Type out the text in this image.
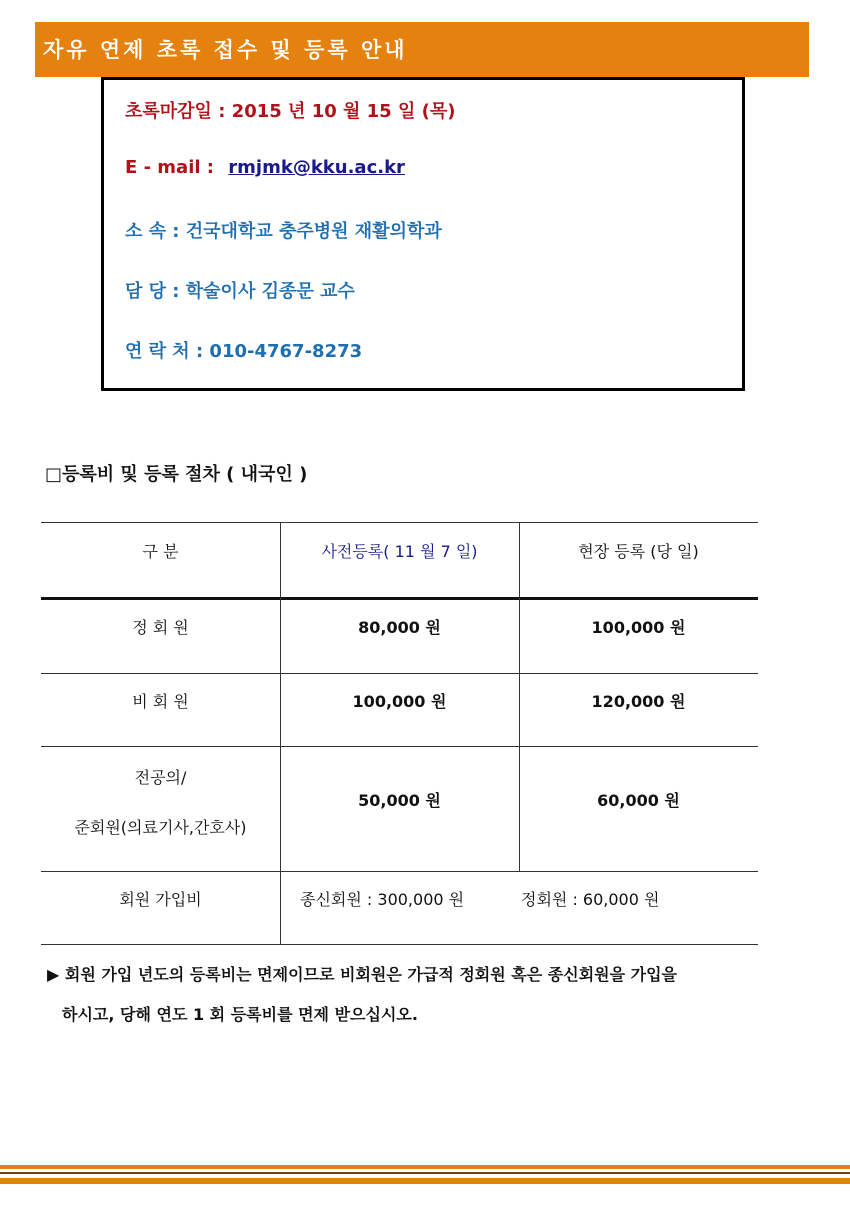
자유 연제 초록 접수 및 등록 안내
초록마감일 : 2015 년 10 월 15 일 (목)
E - mail : rmjmk@kku.ac.kr
소 속 : 건국대학교 충주병원 재활의학과
담 당 : 학술이사 김종문 교수
연 락 처 : 010-4767-8273
□등록비 및 등록 절차 ( 내국인 )
구 분	사전등록( 11 월 7 일)	현장 등록 (당 일)
정 회 원	80,000 원	100,000 원
비 회 원	100,000 원	120,000 원
전공의/
준회원(의료기사,간호사)
50,000 원	60,000 원
회원 가입비	종신회원 : 300,000 원	정회원 : 60,000 원
▶ 회원 가입 년도의 등록비는 면제이므로 비회원은 가급적 정회원 혹은 종신회원을 가입을
하시고, 당해 연도 1 회 등록비를 면제 받으십시오.
